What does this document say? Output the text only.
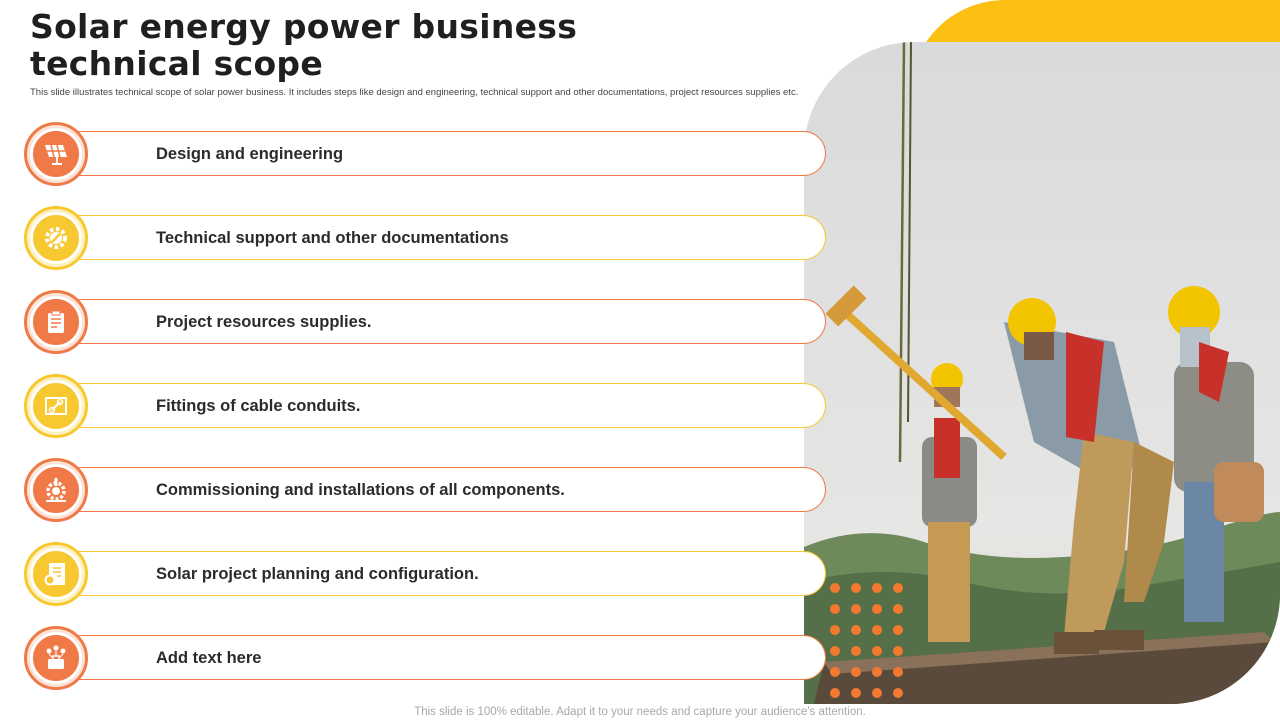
Solar energy power business technical scope

This slide illustrates technical scope of solar power business. It includes steps like design and engineering, technical support and other documentations, project resources supplies etc.

Design and engineering
Technical support and other documentations
Project resources supplies.
Fittings of cable conduits.
Commissioning and installations of all components.
Solar project planning and configuration.
Add text here
This slide is 100% editable. Adapt it to your needs and capture your audience's attention.
